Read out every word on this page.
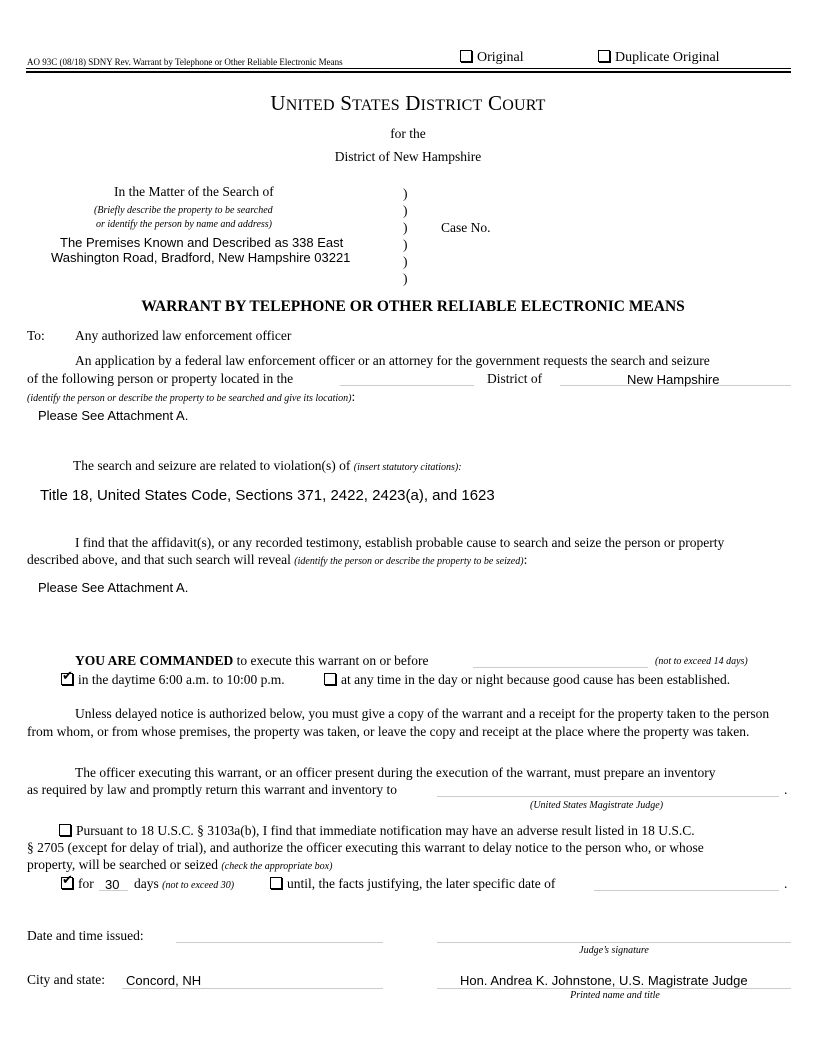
AO 93C (08/18) SDNY Rev. Warrant by Telephone or Other Reliable Electronic Means	Original	Duplicate Original
UNITED STATES DISTRICT COURT
for the
District of New Hampshire
In the Matter of the Search of
(Briefly describe the property to be searched
or identify the person by name and address)
The Premises Known and Described as 338 East
Washington Road, Bradford, New Hampshire 03221
)
)
)
)
)
)
Case No.
WARRANT BY TELEPHONE OR OTHER RELIABLE ELECTRONIC MEANS
To: Any authorized law enforcement officer
An application by a federal law enforcement officer or an attorney for the government requests the search and seizure
of the following person or property located in the	District of	New Hampshire
(identify the person or describe the property to be searched and give its location):
Please See Attachment A.
The search and seizure are related to violation(s) of (insert statutory citations):
Title 18, United States Code, Sections 371, 2422, 2423(a), and 1623
I find that the affidavit(s), or any recorded testimony, establish probable cause to search and seize the person or property
described above, and that such search will reveal (identify the person or describe the property to be seized):
Please See Attachment A.
YOU ARE COMMANDED to execute this warrant on or before	(not to exceed 14 days)
✔in the daytime 6:00 a.m. to 10:00 p.m.	at any time in the day or night because good cause has been established.
Unless delayed notice is authorized below, you must give a copy of the warrant and a receipt for the property taken to the person from whom, or from whose premises, the property was taken, or leave the copy and receipt at the place where the property was taken.
The officer executing this warrant, or an officer present during the execution of the warrant, must prepare an inventory
as required by law and promptly return this warrant and inventory to	.
(United States Magistrate Judge)
Pursuant to 18 U.S.C. § 3103a(b), I find that immediate notification may have an adverse result listed in 18 U.S.C.
§ 2705 (except for delay of trial), and authorize the officer executing this warrant to delay notice to the person who, or whose
property, will be searched or seized (check the appropriate box)
✔for 30 days (not to exceed 30)	until, the facts justifying, the later specific date of	.
Date and time issued:
Judge’s signature
City and state: Concord, NH	Hon. Andrea K. Johnstone, U.S. Magistrate Judge
Printed name and title
